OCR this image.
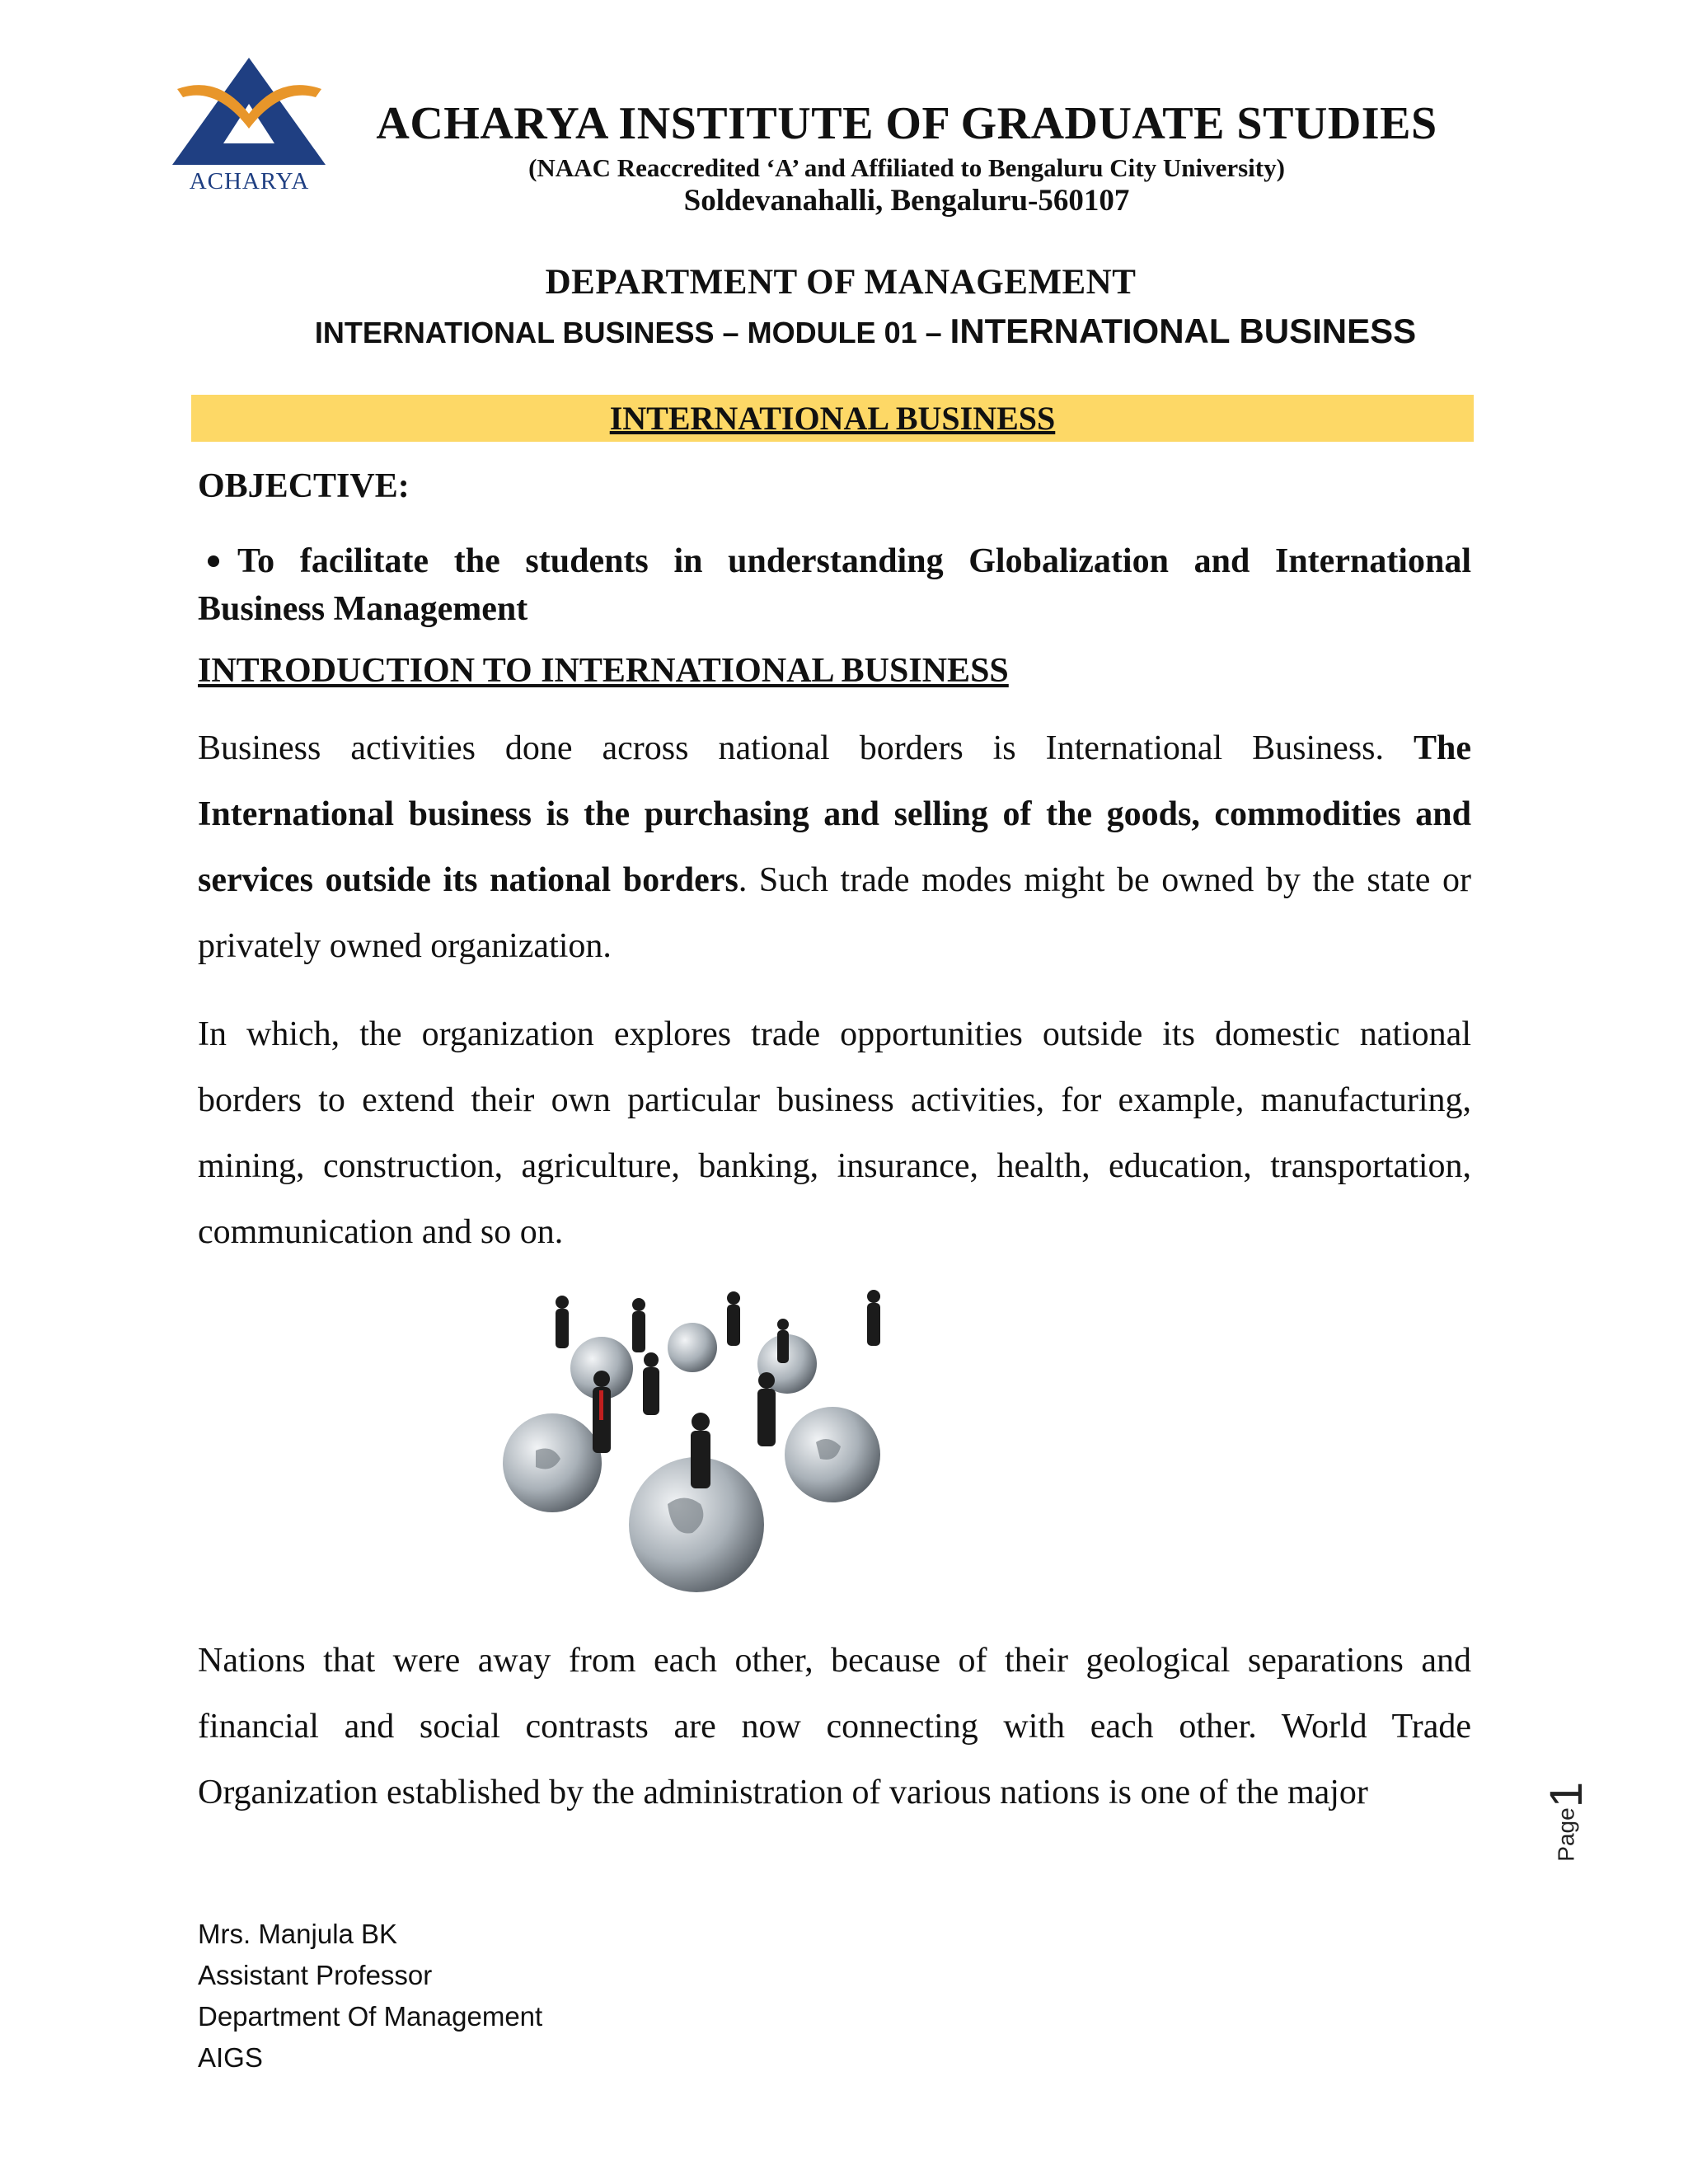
ACHARYA
ACHARYA INSTITUTE OF GRADUATE STUDIES
(NAAC Reaccredited ‘A’ and Affiliated to Bengaluru City University)
Soldevanahalli, Bengaluru-560107
DEPARTMENT OF MANAGEMENT
INTERNATIONAL BUSINESS – MODULE 01 – INTERNATIONAL BUSINESS
INTERNATIONAL BUSINESS
OBJECTIVE:
To facilitate the students in understanding Globalization and International Business Management
INTRODUCTION TO INTERNATIONAL BUSINESS
Business activities done across national borders is International Business. The International business is the purchasing and selling of the goods, commodities and services outside its national borders. Such trade modes might be owned by the state or privately owned organization.
In which, the organization explores trade opportunities outside its domestic national borders to extend their own particular business activities, for example, manufacturing, mining, construction, agriculture, banking, insurance, health, education, transportation, communication and so on.
Nations that were away from each other, because of their geological separations and financial and social contrasts are now connecting with each other. World Trade Organization established by the administration of various nations is one of the major	1
Page
Mrs. Manjula BK
Assistant Professor
Department Of Management
AIGS
